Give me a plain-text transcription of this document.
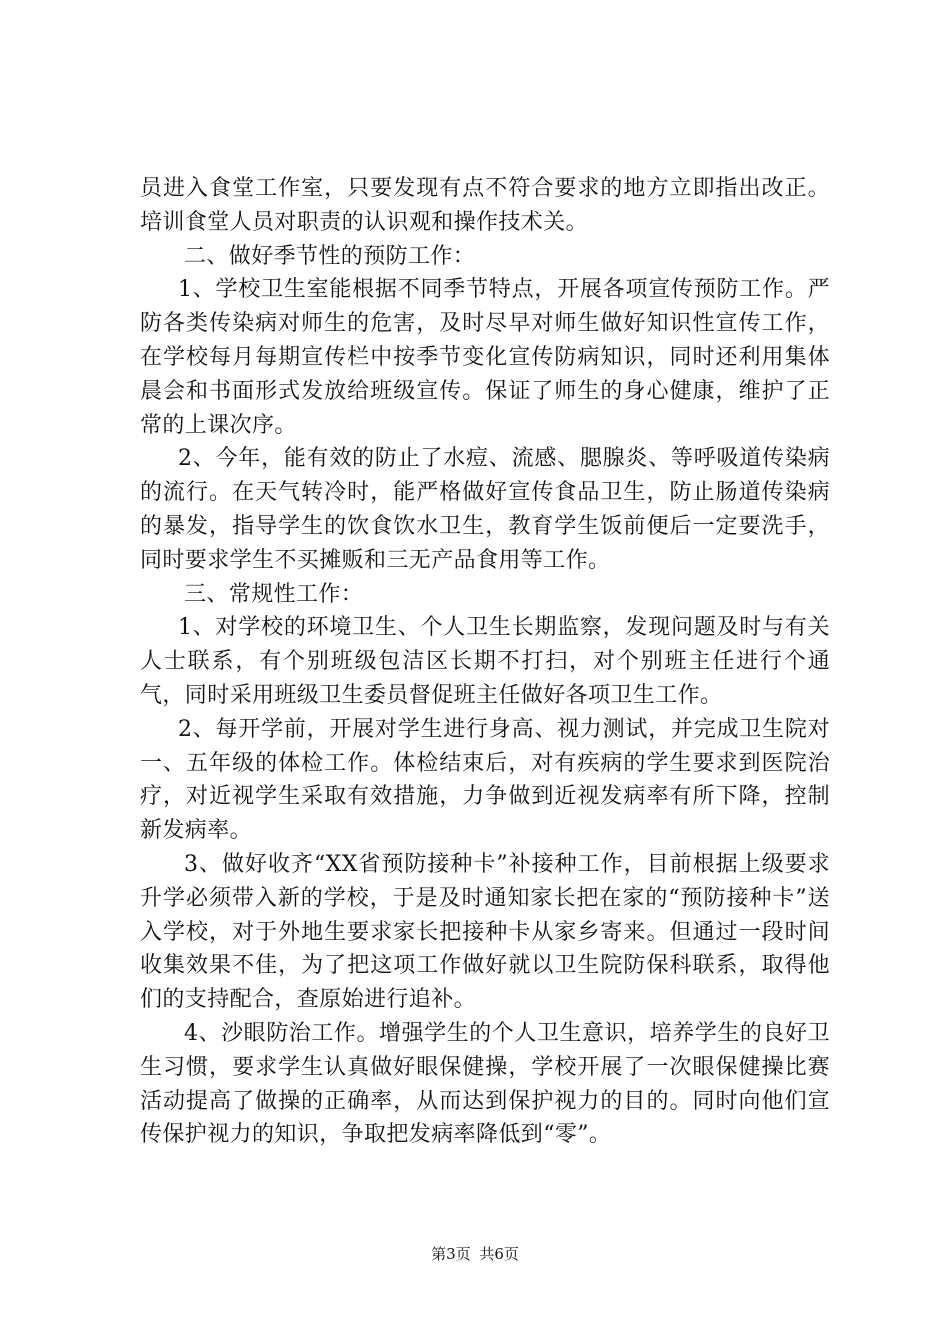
员进入食堂工作室，只要发现有点不符合要求的地方立即指出改正。培训食堂人员对职责的认识观和操作技术关。

二、做好季节性的预防工作：

1、学校卫生室能根据不同季节特点，开展各项宣传预防工作。严防各类传染病对师生的危害，及时尽早对师生做好知识性宣传工作，在学校每月每期宣传栏中按季节变化宣传防病知识，同时还利用集体晨会和书面形式发放给班级宣传。保证了师生的身心健康，维护了正常的上课次序。

2、今年，能有效的防止了水痘、流感、腮腺炎、等呼吸道传染病的流行。在天气转冷时，能严格做好宣传食品卫生，防止肠道传染病的暴发，指导学生的饮食饮水卫生，教育学生饭前便后一定要洗手，同时要求学生不买摊贩和三无产品食用等工作。

三、常规性工作：

1、对学校的环境卫生、个人卫生长期监察，发现问题及时与有关人士联系，有个别班级包洁区长期不打扫，对个别班主任进行个通气，同时采用班级卫生委员督促班主任做好各项卫生工作。

2、每开学前，开展对学生进行身高、视力测试，并完成卫生院对一、五年级的体检工作。体检结束后，对有疾病的学生要求到医院治疗，对近视学生采取有效措施，力争做到近视发病率有所下降，控制新发病率。

3、做好收齐“XX省预防接种卡”补接种工作，目前根据上级要求升学必须带入新的学校，于是及时通知家长把在家的“预防接种卡”送入学校，对于外地生要求家长把接种卡从家乡寄来。但通过一段时间收集效果不佳，为了把这项工作做好就以卫生院防保科联系，取得他们的支持配合，查原始进行追补。

4、沙眼防治工作。增强学生的个人卫生意识，培养学生的良好卫生习惯，要求学生认真做好眼保健操，学校开展了一次眼保健操比赛活动提高了做操的正确率，从而达到保护视力的目的。同时向他们宣传保护视力的知识，争取把发病率降低到“零”。

第3页 共6页
